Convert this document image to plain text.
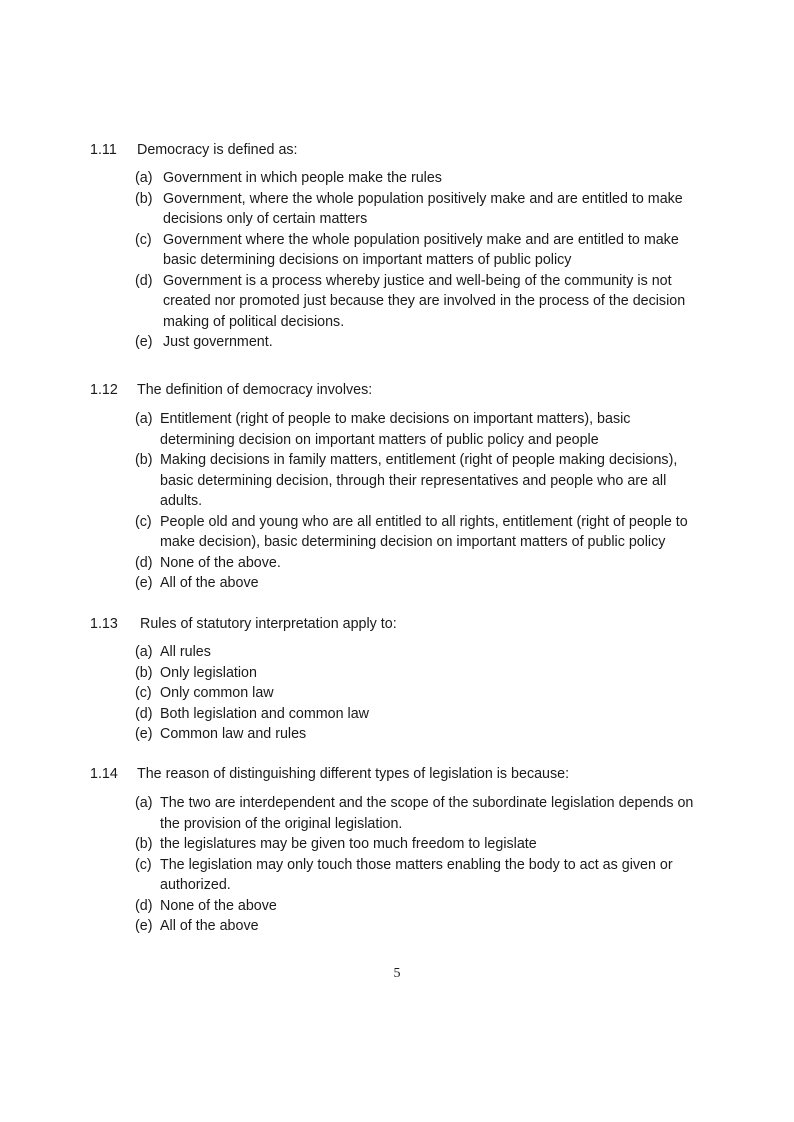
1.11 Democracy is defined as:
(a) Government in which people make the rules
(b) Government, where the whole population positively make and are entitled to make decisions only of certain matters
(c) Government where the whole population positively make and are entitled to make basic determining decisions on important matters of public policy
(d) Government is a process whereby justice and well-being of the community is not created nor promoted just because they are involved in the process of the decision making of political decisions.
(e) Just government.
1.12 The definition of democracy involves:
(a) Entitlement (right of people to make decisions on important matters), basic determining decision on important matters of public policy and people
(b) Making decisions in family matters, entitlement (right of people making decisions), basic determining decision, through their representatives and people who are all adults.
(c) People old and young who are all entitled to all rights, entitlement (right of people to make decision), basic determining decision on important matters of public policy
(d) None of the above.
(e) All of the above
1.13 Rules of statutory interpretation apply to:
(a) All rules
(b) Only legislation
(c) Only common law
(d) Both legislation and common law
(e) Common law and rules
1.14 The reason of distinguishing different types of legislation is because:
(a) The two are interdependent and the scope of the subordinate legislation depends on the provision of the original legislation.
(b) the legislatures may be given too much freedom to legislate
(c) The legislation may only touch those matters enabling the body to act as given or authorized.
(d) None of the above
(e) All of the above
5
